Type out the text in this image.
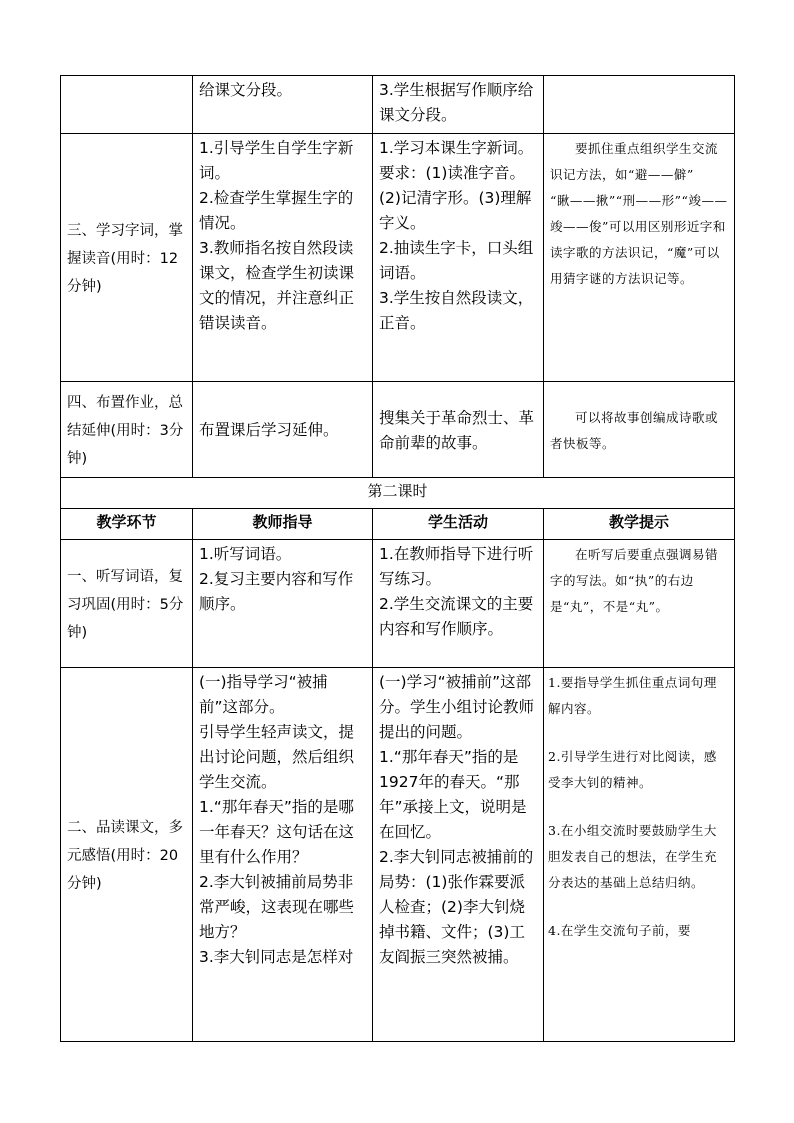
	给课文分段。	3.学生根据写作顺序给课文分段。	

三、学习字词，掌握读音(用时：12分钟)	1.引导学生自学生字新词。
2.检查学生掌握生字的情况。
3.教师指名按自然段读课文，检查学生初读课文的情况，并注意纠正错误读音。	1.学习本课生字新词。要求：(1)读准字音。(2)记清字形。(3)理解字义。
2.抽读生字卡，口头组词语。
3.学生按自然段读文，正音。	要抓住重点组织学生交流识记方法，如“避——僻”
“瞅——揪”“刑——形”“竣——竣——俊”可以用区别形近字和读字歌的方法识记，“魔”可以用猜字谜的方法识记等。

四、布置作业，总结延伸(用时：3分钟)	布置课后学习延伸。	搜集关于革命烈士、革命前辈的故事。	可以将故事创编成诗歌或者快板等。

第二课时			
教学环节	教师指导	学生活动	教学提示

一、听写词语，复习巩固(用时：5分钟)	1.听写词语。
2.复习主要内容和写作顺序。	1.在教师指导下进行听写练习。
2.学生交流课文的主要内容和写作顺序。	在听写后要重点强调易错字的写法。如“执”的右边是“丸”，不是“丸”。

二、品读课文，多元感悟(用时：20分钟)	(一)指导学习“被捕前”这部分。
引导学生轻声读文，提出讨论问题，然后组织学生交流。
1.“那年春天”指的是哪一年春天？这句话在这里有什么作用？
2.李大钊被捕前局势非常严峻，这表现在哪些地方？
3.李大钊同志是怎样对	(一)学习“被捕前”这部分。学生小组讨论教师提出的问题。
1.“那年春天”指的是1927年的春天。“那年”承接上文，说明是在回忆。
2.李大钊同志被捕前的局势：(1)张作霖要派人检查；(2)李大钊烧掉书籍、文件；(3)工友阎振三突然被捕。	1.要指导学生抓住重点词句理解内容。
2.引导学生进行对比阅读，感受李大钊的精神。
3.在小组交流时要鼓励学生大胆发表自己的想法，在学生充分表达的基础上总结归纳。
4.在学生交流句子前，要
